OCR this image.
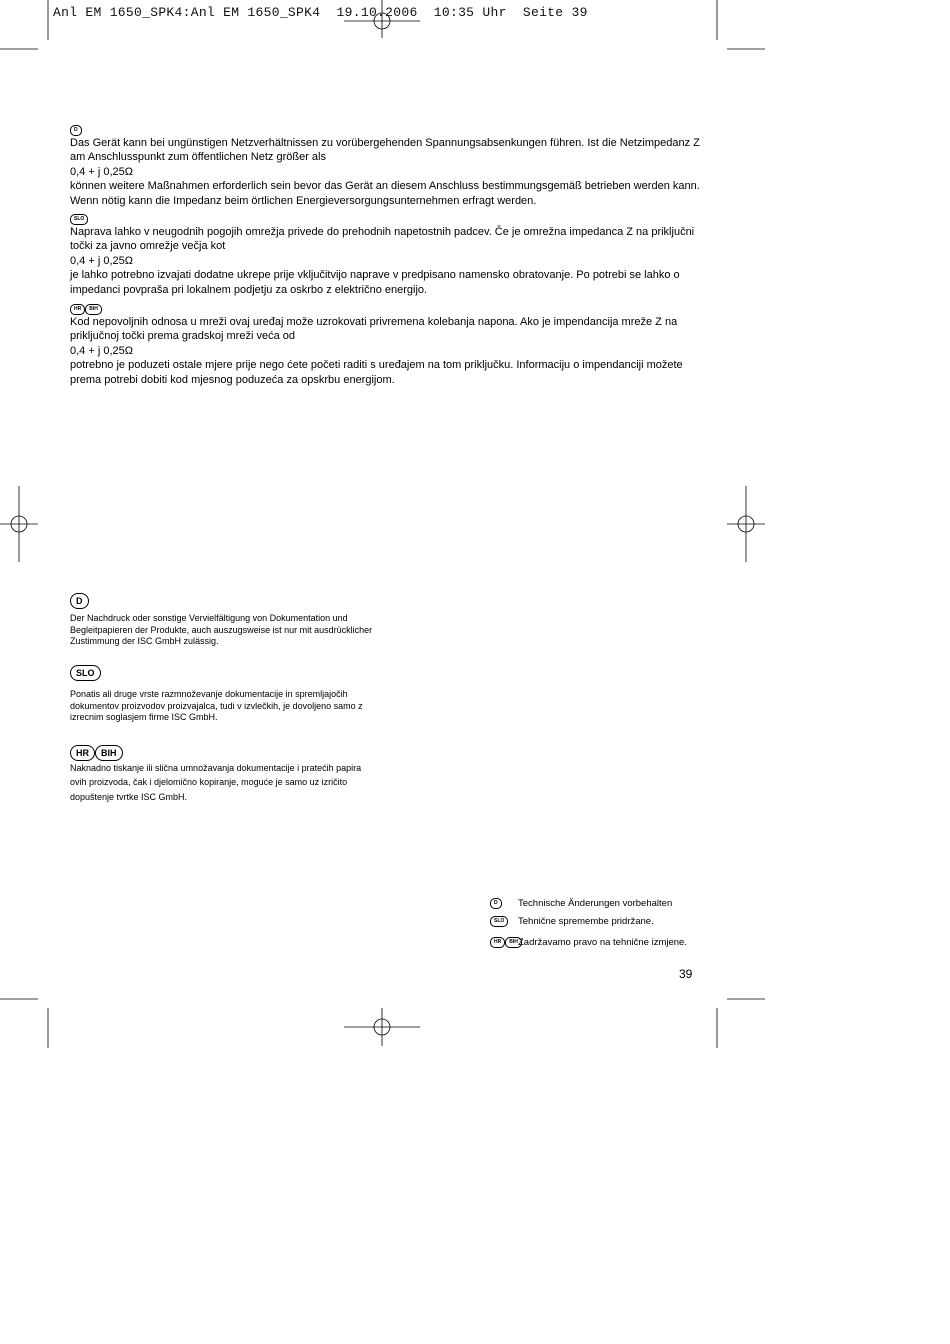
Anl EM 1650_SPK4:Anl EM 1650_SPK4  19.10.2006  10:35 Uhr  Seite 39
D

Das Gerät kann bei ungünstigen Netzverhältnissen zu vorübergehenden Spannungsabsenkungen führen. Ist die Netzimpedanz Z am Anschlusspunkt zum öffentlichen Netz größer als

0,4 + j 0,25Ω

können weitere Maßnahmen erforderlich sein bevor das Gerät an diesem Anschluss bestimmungsgemäß betrieben werden kann. Wenn nötig kann die Impedanz beim örtlichen Energieversorgungsunternehmen erfragt werden.

SLO

Naprava lahko v neugodnih pogojih omrežja privede do prehodnih napetostnih padcev. Če je omrežna impedanca Z na priključni točki za javno omrežje večja kot

0,4 + j 0,25Ω

je lahko potrebno izvajati dodatne ukrepe prije vključitvijo naprave v predpisano namensko obratovanje. Po potrebi se lahko o impedanci povpraša pri lokalnem podjetju za oskrbo z električno energijo.

HR BIH

Kod nepovoljnih odnosa u mreži ovaj uređaj može uzrokovati privremena kolebanja napona. Ako je impendancija mreže Z na priključnoj točki prema gradskoj mreži veća od

0,4 + j 0,25Ω

potrebno je poduzeti ostale mjere prije nego ćete početi raditi s uređajem na tom priključku. Informaciju o impendanciji možete prema potrebi dobiti kod mjesnog poduzeća za opskrbu energijom.

D

Der Nachdruck oder sonstige Vervielfältigung von Dokumentation und Begleitpapieren der Produkte, auch auszugsweise ist nur mit ausdrücklicher Zustimmung der ISC GmbH zulässig.

SLO

Ponatis ali druge vrste razmnoževanje dokumentacije in spremljajočih dokumentov proizvodov proizvajalca, tudi v izvlečkih, je dovoljeno samo z izrecnim soglasjem firme ISC GmbH.

HR BIH

Naknadno tiskanje ili slična umnožavanja dokumentacije i pratećih papira ovih proizvoda, čak i djelomično kopiranje, moguće je samo uz izričito dopuštenje tvrtke ISC GmbH.

D Technische Änderungen vorbehalten
SLO Tehnične spremembe pridržane.
HR BIH Zadržavamo pravo na tehnične izmjene.
39
